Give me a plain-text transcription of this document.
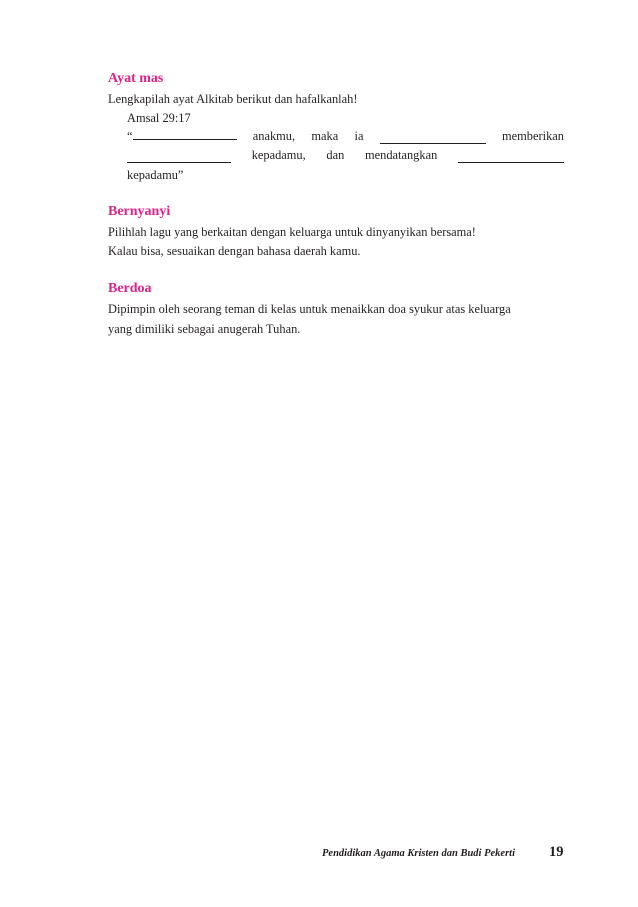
Ayat mas

Lengkapilah ayat Alkitab berikut dan hafalkanlah!

Amsal 29:17

“	anakmu, maka ia	memberikan
kepadamu, dan mendatangkan

kepadamu”

Bernyanyi

Pilihlah lagu yang berkaitan dengan keluarga untuk dinyanyikan bersama!

Kalau bisa, sesuaikan dengan bahasa daerah kamu.

Berdoa

Dipimpin oleh seorang teman di kelas untuk menaikkan doa syukur atas keluarga

yang dimiliki sebagai anugerah Tuhan.

Pendidikan Agama Kristen dan Budi Pekerti 19
